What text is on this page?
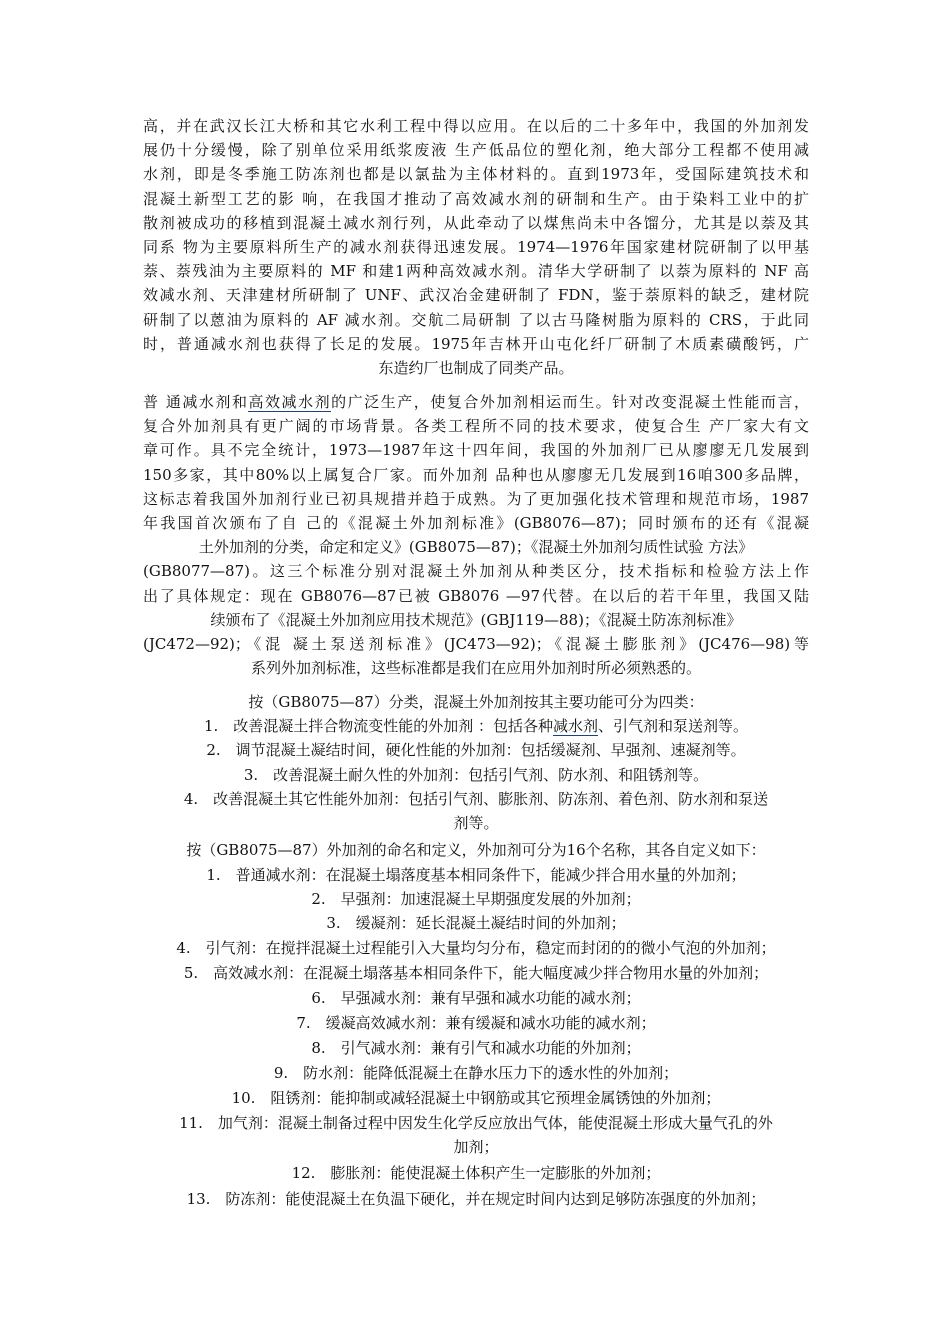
高，并在武汉长江大桥和其它水利工程中得以应用。在以后的二十多年中，我国的外加剂发
展仍十分缓慢，除了别单位采用纸浆废液 生产低品位的塑化剂，绝大部分工程都不使用减
水剂，即是冬季施工防冻剂也都是以氯盐为主体材料的。直到1973年，受国际建筑技术和
混凝土新型工艺的影 响，在我国才推动了高效减水剂的研制和生产。由于染料工业中的扩
散剂被成功的移植到混凝土减水剂行列，从此牵动了以煤焦尚未中各馏分，尤其是以萘及其
同系 物为主要原料所生产的减水剂获得迅速发展。1974—1976年国家建材院研制了以甲基
萘、萘残油为主要原料的 MF 和建1两种高效减水剂。清华大学研制了 以萘为原料的 NF 高
效减水剂、天津建材所研制了 UNF、武汉冶金建研制了 FDN，鉴于萘原料的缺乏，建材院
研制了以蒽油为原料的 AF 减水剂。交航二局研制 了以古马隆树脂为原料的 CRS，于此同
时，普通减水剂也获得了长足的发展。1975年吉林开山屯化纤厂研制了木质素磺酸钙，广
东造约厂也制成了同类产品。
普 通减水剂和高效减水剂的广泛生产，使复合外加剂相运而生。针对改变混凝土性能而言，
复合外加剂具有更广阔的市场背景。各类工程所不同的技术要求，使复合生 产厂家大有文
章可作。具不完全统计，1973—1987年这十四年间，我国的外加剂厂已从廖廖无几发展到
150多家，其中80%以上属复合厂家。而外加剂 品种也从廖廖无几发展到16咱300多品牌，
这标志着我国外加剂行业已初具规措并趋于成熟。为了更加强化技术管理和规范市场，1987
年我国首次颁布了自 己的《混凝土外加剂标准》(GB8076—87)；同时颁布的还有《混凝
土外加剂的分类，命定和定义》(GB8075—87)；《混凝土外加剂匀质性试验 方法》
(GB8077—87)。这三个标准分别对混凝土外加剂从种类区分，技术指标和检验方法上作
出了具体规定：现在 GB8076—87已被 GB8076 —97代替。在以后的若干年里，我国又陆
续颁布了《混凝土外加剂应用技术规范》(GBJ119—88)；《混凝土防冻剂标准》
(JC472—92)；《混 凝土泵送剂标准》(JC473—92)；《混凝土膨胀剂》(JC476—98)等
系列外加剂标准，这些标准都是我们在应用外加剂时所必须熟悉的。
按（GB8075—87）分类，混凝土外加剂按其主要功能可分为四类：
1.　改善混凝土拌合物流变性能的外加剂 ：包括各种减水剂、引气剂和泵送剂等。
2.　调节混凝土凝结时间，硬化性能的外加剂：包括缓凝剂、早强剂、速凝剂等。
3.　改善混凝土耐久性的外加剂：包括引气剂、防水剂、和阻锈剂等。
4.　改善混凝土其它性能外加剂：包括引气剂、膨胀剂、防冻剂、着色剂、防水剂和泵送
剂等。
按（GB8075—87）外加剂的命名和定义，外加剂可分为16个名称，其各自定义如下：
1.　普通减水剂：在混凝土塌落度基本相同条件下，能减少拌合用水量的外加剂；
2.　早强剂：加速混凝土早期强度发展的外加剂；
3.　缓凝剂：延长混凝土凝结时间的外加剂；
4.　引气剂：在搅拌混凝土过程能引入大量均匀分布，稳定而封闭的的微小气泡的外加剂；
5.　高效减水剂：在混凝土塌落基本相同条件下，能大幅度减少拌合物用水量的外加剂；
6.　早强减水剂：兼有早强和减水功能的减水剂；
7.　缓凝高效减水剂：兼有缓凝和减水功能的减水剂；
8.　引气减水剂：兼有引气和减水功能的外加剂；
9.　防水剂：能降低混凝土在静水压力下的透水性的外加剂；
10.　阻锈剂：能抑制或减轻混凝土中钢筋或其它预埋金属锈蚀的外加剂；
11.　加气剂：混凝土制备过程中因发生化学反应放出气体，能使混凝土形成大量气孔的外
加剂；
12.　膨胀剂：能使混凝土体积产生一定膨胀的外加剂；
13.　防冻剂：能使混凝土在负温下硬化，并在规定时间内达到足够防冻强度的外加剂；
